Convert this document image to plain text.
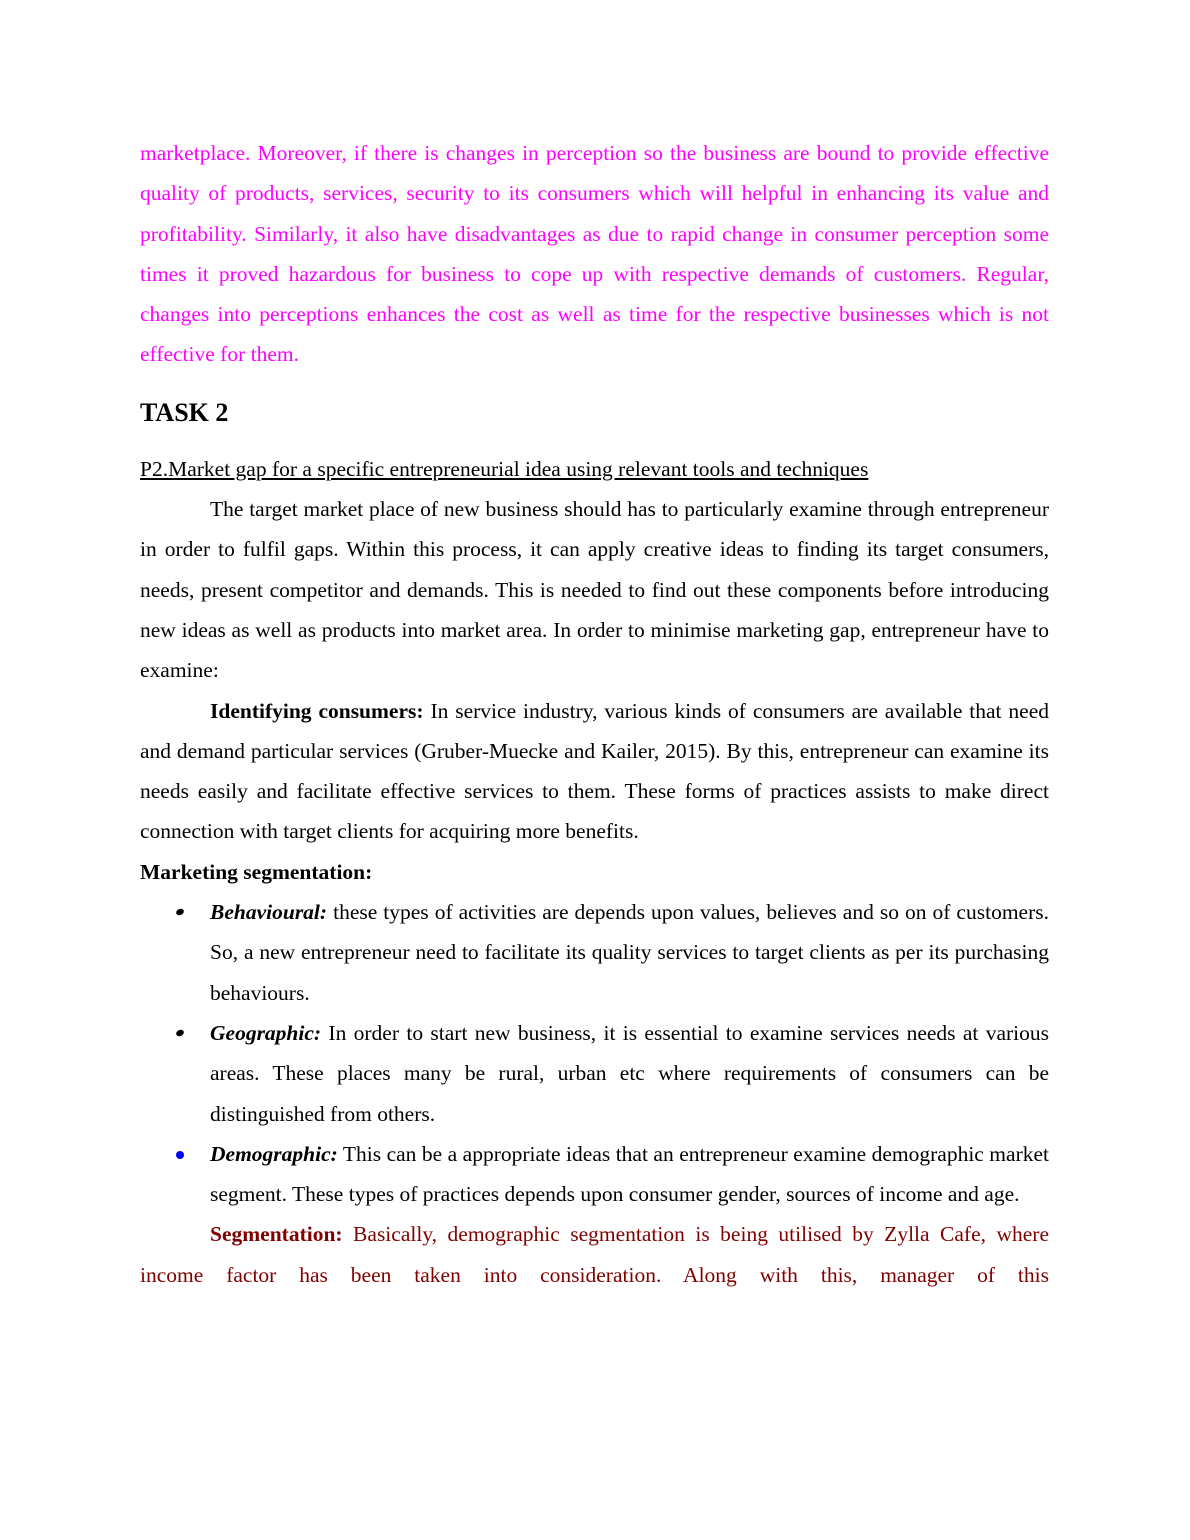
marketplace. Moreover, if there is changes in perception so the business are bound to provide effective quality of products, services, security to its consumers which will helpful in enhancing its value and profitability. Similarly, it also have disadvantages as due to rapid change in consumer perception some times it proved hazardous for business to cope up with respective demands of customers. Regular, changes into perceptions enhances the cost as well as time for the respective businesses which is not effective for them.

TASK 2

P2.Market gap for a specific entrepreneurial idea using relevant tools and techniques

The target market place of new business should has to particularly examine through entrepreneur in order to fulfil gaps. Within this process, it can apply creative ideas to finding its target consumers, needs, present competitor and demands. This is needed to find out these components before introducing new ideas as well as products into market area. In order to minimise marketing gap, entrepreneur have to examine:

Identifying consumers: In service industry, various kinds of consumers are available that need and demand particular services (Gruber-Muecke and Kailer, 2015). By this, entrepreneur can examine its needs easily and facilitate effective services to them. These forms of practices assists to make direct connection with target clients for acquiring more benefits.

Marketing segmentation:

Behavioural: these types of activities are depends upon values, believes and so on of customers. So, a new entrepreneur need to facilitate its quality services to target clients as per its purchasing behaviours.
Geographic: In order to start new business, it is essential to examine services needs at various areas. These places many be rural, urban etc where requirements of consumers can be distinguished from others.
Demographic: This can be a appropriate ideas that an entrepreneur examine demographic market segment. These types of practices depends upon consumer gender, sources of income and age.

Segmentation: Basically, demographic segmentation is being utilised by Zylla Cafe, where income factor has been taken into consideration. Along with this, manager of this
